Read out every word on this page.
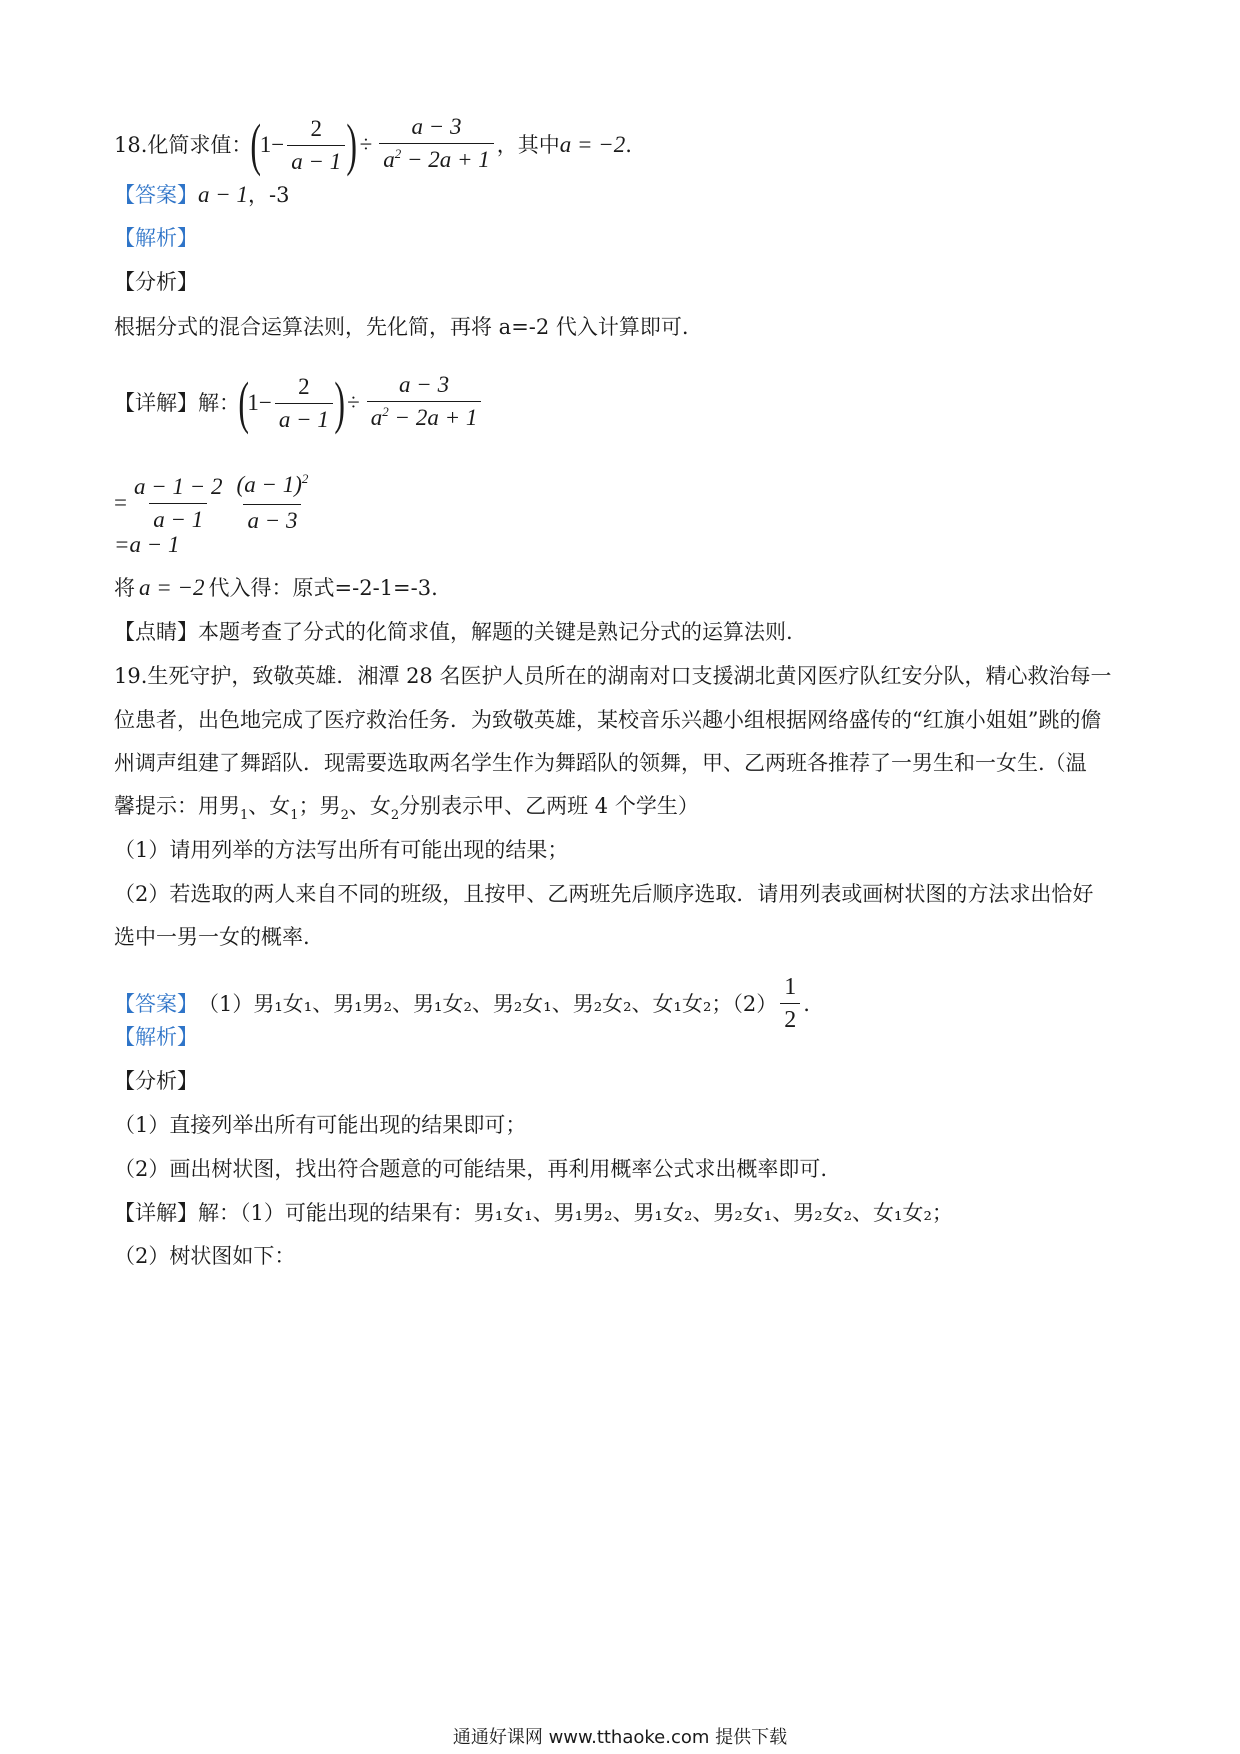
18.化简求值：
(
$1 - \frac{2}{a - 1}$ ) ÷ $\frac{a - 3}{a^2 - 2a + 1}$ ，其中 a = −2 .
【答案】a − 1，-3
【解析】
【分析】
根据分式的混合运算法则，先化简，再将 a=-2 代入计算即可.
【详解】解：
(
$1 - \frac{2}{a - 1}$ ) ÷ $\frac{a - 3}{a^2 - 2a + 1}$
= $\frac{a - 1 - 2}{a - 1} \frac{(a - 1)^2}{a - 3}$
=a − 1
将 a = −2 代入得：原式=-2-1=-3.
【点睛】本题考查了分式的化简求值，解题的关键是熟记分式的运算法则.
19.生死守护，致敬英雄．湘潭 28 名医护人员所在的湖南对口支援湖北黄冈医疗队红安分队，精心救治每一
位患者，出色地完成了医疗救治任务．为致敬英雄，某校音乐兴趣小组根据网络盛传的“红旗小姐姐”跳的儋
州调声组建了舞蹈队．现需要选取两名学生作为舞蹈队的领舞，甲、乙两班各推荐了一男生和一女生.（温
馨提示：用男$_1$、女$_1$；男$_2$、女$_2$分别表示甲、乙两班 4 个学生）
（1）请用列举的方法写出所有可能出现的结果；
（2）若选取的两人来自不同的班级，且按甲、乙两班先后顺序选取．请用列表或画树状图的方法求出恰好
选中一男一女的概率.
【答案】 （1） 男₁女₁、男₁男₂、男₁女₂、男₂女₁、男₂女₂、女₁女₂ ；$(2) \frac{1}{2}$ .
【解析】
【分析】
（1）直接列举出所有可能出现的结果即可；
（2）画出树状图，找出符合题意的可能结果，再利用概率公式求出概率即可.
【详解】解：（1）可能出现的结果有：男₁女₁、男₁男₂、男₁女₂、男₂女₁、男₂女₂、女₁女₂；
（2）树状图如下：
通通好课网 www.tthaoke.com 提供下载
